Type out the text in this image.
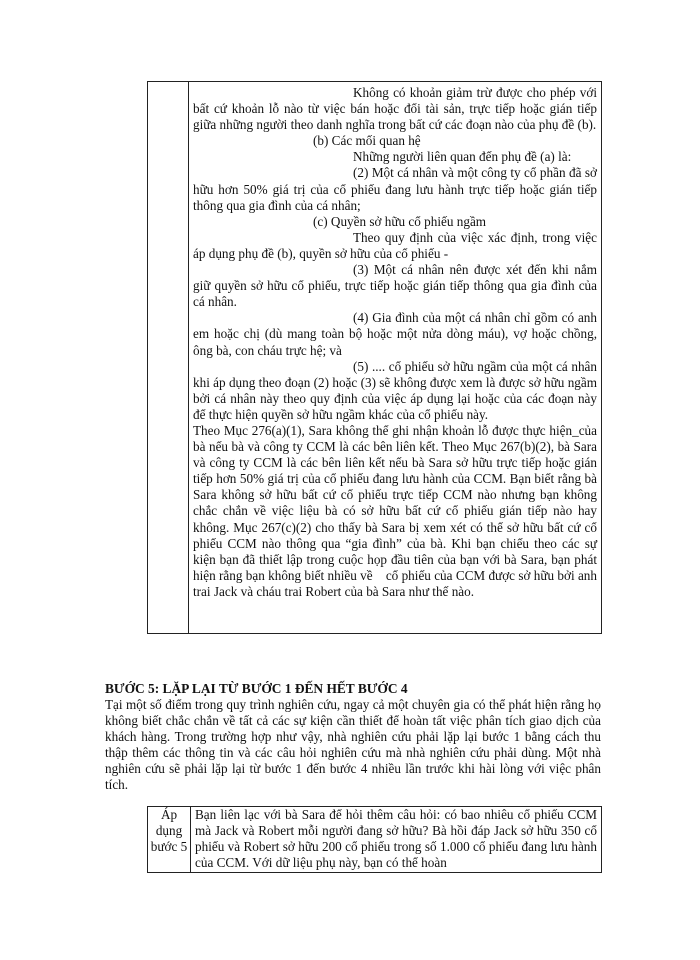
Không có khoản giảm trừ được cho phép với bất cứ khoản lỗ nào từ việc bán hoặc đổi tài sản, trực tiếp hoặc gián tiếp giữa những người theo danh nghĩa trong bất cứ các đoạn nào của phụ đề (b).

(b) Các mối quan hệ

Những người liên quan đến phụ đề (a) là:

(2) Một cá nhân và một công ty cổ phần đã sở hữu hơn 50% giá trị của cổ phiếu đang lưu hành trực tiếp hoặc gián tiếp thông qua gia đình của cá nhân;

(c) Quyền sở hữu cổ phiếu ngầm

Theo quy định của việc xác định, trong việc áp dụng phụ đề (b), quyền sở hữu của cổ phiếu -

(3) Một cá nhân nên được xét đến khi nắm giữ quyền sở hữu cổ phiếu, trực tiếp hoặc gián tiếp thông qua gia đình của cá nhân.

(4) Gia đình của một cá nhân chỉ gồm có anh em hoặc chị (dù mang toàn bộ hoặc một nửa dòng máu), vợ hoặc chồng, ông bà, con cháu trực hệ; và

(5) .... cổ phiếu sở hữu ngầm của một cá nhân khi áp dụng theo đoạn (2) hoặc (3) sẽ không được xem là được sở hữu ngầm bởi cá nhân này theo quy định của việc áp dụng lại hoặc của các đoạn này để thực hiện quyền sở hữu ngầm khác của cổ phiếu này.

Theo Mục 276(a)(1), Sara không thể ghi nhận khoản lỗ được thực hiện_của bà nếu bà và công ty CCM là các bên liên kết. Theo Mục 267(b)(2), bà Sara và công ty CCM là các bên liên kết nếu bà Sara sở hữu trực tiếp hoặc gián tiếp hơn 50% giá trị của cổ phiếu đang lưu hành của CCM. Bạn biết rằng bà Sara không sở hữu bất cứ cổ phiếu trực tiếp CCM nào nhưng bạn không chắc chắn về việc liệu bà có sở hữu bất cứ cổ phiếu gián tiếp nào hay không. Mục 267(c)(2) cho thấy bà Sara bị xem xét có thể sở hữu bất cứ cổ phiếu CCM nào thông qua “gia đình” của bà. Khi bạn chiếu theo các sự kiện bạn đã thiết lập trong cuộc họp đầu tiên của bạn với bà Sara, bạn phát hiện rằng bạn không biết nhiều về    cổ phiếu của CCM được sở hữu bởi anh trai Jack và cháu trai Robert của bà Sara như thế nào.

BƯỚC 5: LẶP LẠI TỪ BƯỚC 1 ĐẾN HẾT BƯỚC 4

Tại một số điểm trong quy trình nghiên cứu, ngay cả một chuyên gia có thể phát hiện rằng họ không biết chắc chắn về tất cả các sự kiện cần thiết để hoàn tất việc phân tích giao dịch của khách hàng. Trong trường hợp như vậy, nhà nghiên cứu phải lặp lại bước 1 bằng cách thu thập thêm các thông tin và các câu hỏi nghiên cứu mà nhà nghiên cứu phải dùng. Một nhà nghiên cứu sẽ phải lặp lại từ bước 1 đến bước 4 nhiều lần trước khi hài lòng với việc phân tích.

Áp dụng bước 5	Bạn liên lạc với bà Sara để hỏi thêm câu hỏi: có bao nhiêu cổ phiếu CCM mà Jack và Robert mỗi người đang sở hữu? Bà hồi đáp Jack sở hữu 350 cổ phiếu và Robert sở hữu 200 cổ phiếu trong số 1.000 cổ phiếu đang lưu hành của CCM. Với dữ liệu phụ này, bạn có thể hoàn
